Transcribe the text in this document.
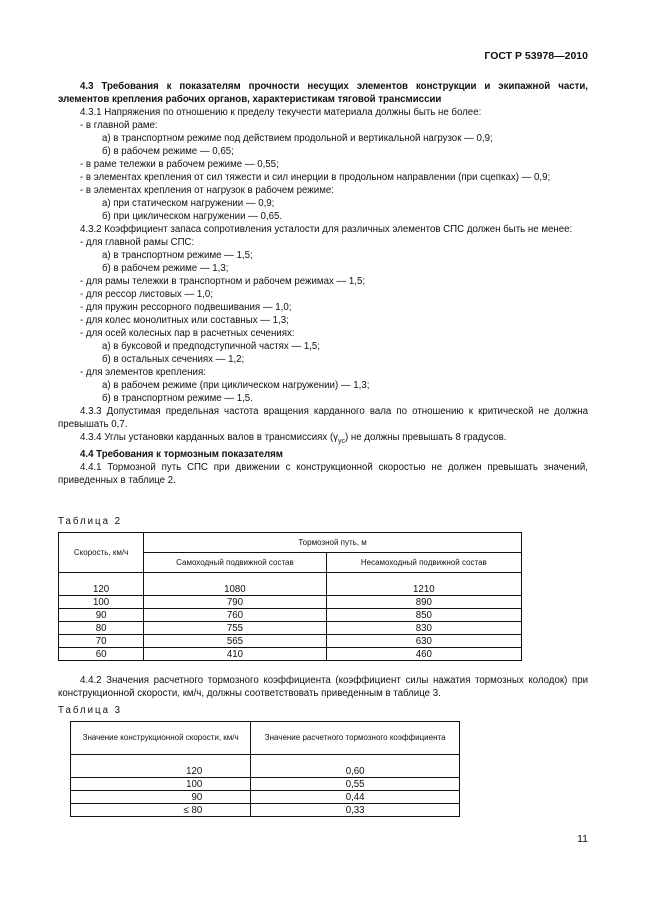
ГОСТ Р 53978—2010

4.3 Требования к показателям прочности несущих элементов конструкции и экипажной части, элементов крепления рабочих органов, характеристикам тяговой трансмиссии

4.3.1 Напряжения по отношению к пределу текучести материала должны быть не более:

- в главной раме:

а) в транспортном режиме под действием продольной и вертикальной нагрузок — 0,9;

б) в рабочем режиме — 0,65;

- в раме тележки в рабочем режиме — 0,55;

- в элементах крепления от сил тяжести и сил инерции в продольном направлении (при сцепках) — 0,9;

- в элементах крепления от нагрузок в рабочем режиме:

а) при статическом нагружении — 0,9;

б) при циклическом нагружении — 0,65.

4.3.2 Коэффициент запаса сопротивления усталости для различных элементов СПС должен быть не менее:

- для главной рамы СПС:

а) в транспортном режиме — 1,5;

б) в рабочем режиме — 1,3;

- для рамы тележки в транспортном и рабочем режимах — 1,5;

- для рессор листовых — 1,0;

- для пружин рессорного подвешивания — 1,0;

- для колес монолитных или составных — 1,3;

- для осей колесных пар в расчетных сечениях:

а) в буксовой и предподступичной частях — 1,5;

б) в остальных сечениях — 1,2;

- для элементов крепления:

а) в рабочем режиме (при циклическом нагружении) — 1,3;

б) в транспортном режиме — 1,5.

4.3.3 Допустимая предельная частота вращения карданного вала по отношению к критической не должна превышать 0,7.

4.3.4 Углы установки карданных валов в трансмиссиях $(\gamma_{ус})$ не должны превышать 8 градусов.

4.4 Требования к тормозным показателям

4.4.1 Тормозной путь СПС при движении с конструкционной скоростью не должен превышать значений, приведенных в таблице 2.

Таблица 2
Скорость, км/ч	Тормозной путь, м	
	Самоходный подвижной состав	Несамоходный подвижной состав
120	1080	1210
100	790	890
90	760	850
80	755	830
70	565	630
60	410	460

4.4.2 Значения расчетного тормозного коэффициента (коэффициент силы нажатия тормозных колодок) при конструкционной скорости, км/ч, должны соответствовать приведенным в таблице 3.

Таблица 3
Значение конструкционной скорости, км/ч	Значение расчетного тормозного коэффициента
120	0,60
100	0,55
90	0,44
≤ 80	0,33
11
